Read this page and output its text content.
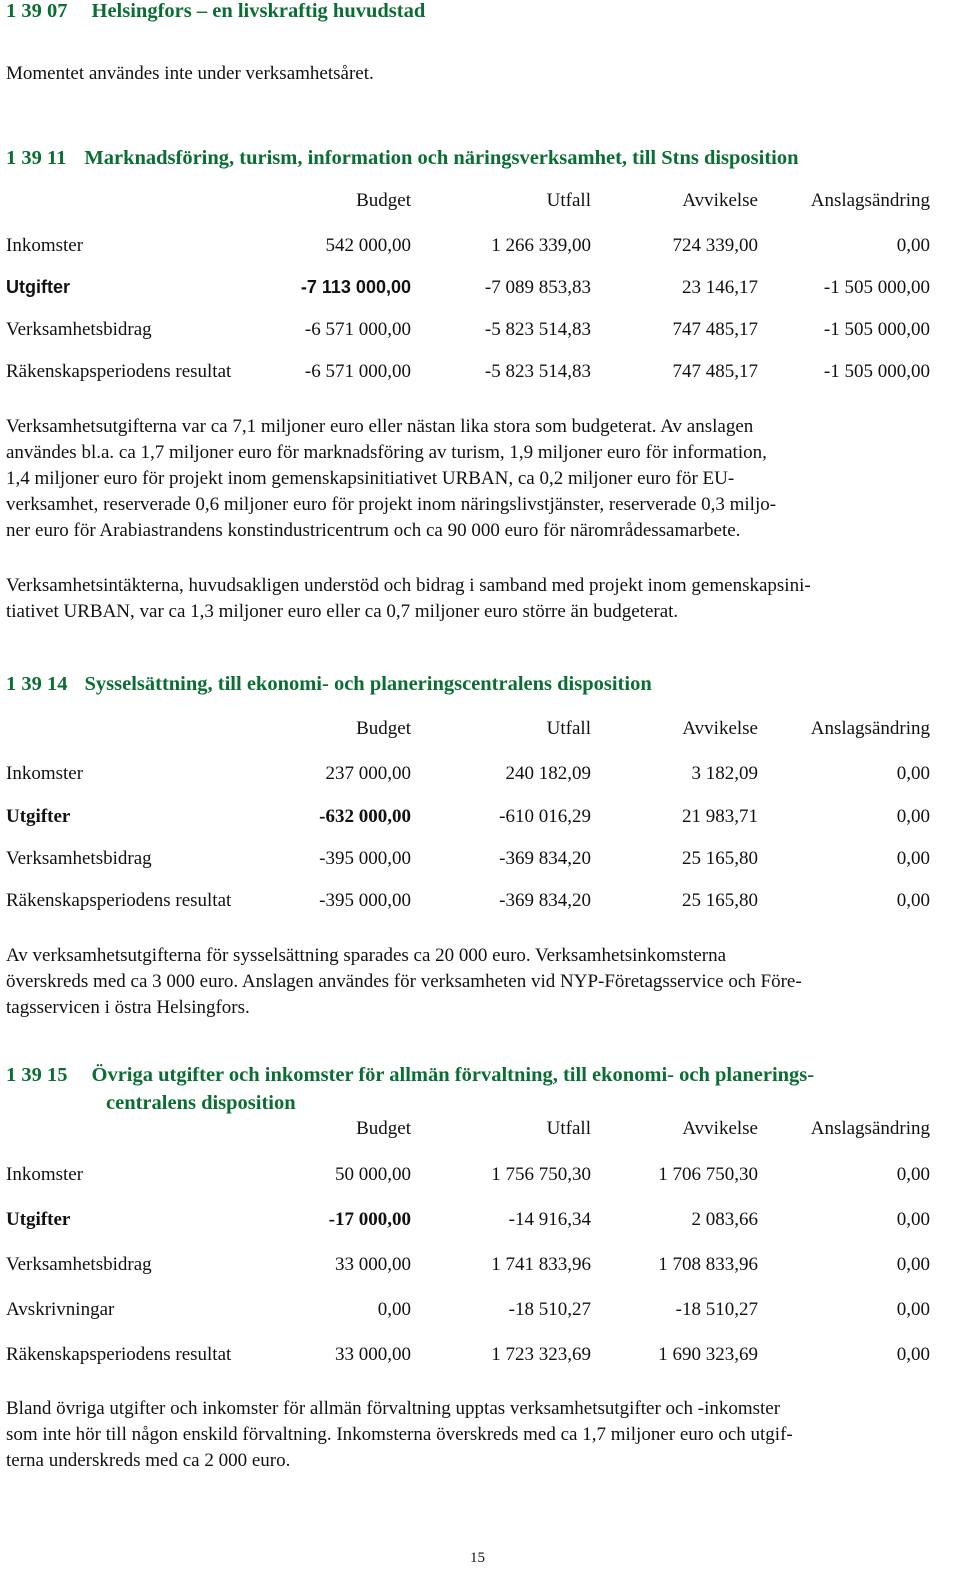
1 39 07 Helsingfors – en livskraftig huvudstad
Momentet användes inte under verksamhetsåret.
1 39 11 Marknadsföring, turism, information och näringsverksamhet, till Stns disposition
Budget	Utfall	Avvikelse	Anslagsändring
Inkomster	542 000,00	1 266 339,00	724 339,00	0,00
Utgifter	-7 113 000,00	-7 089 853,83	23 146,17	-1 505 000,00
Verksamhetsbidrag	-6 571 000,00	-5 823 514,83	747 485,17	-1 505 000,00
Räkenskapsperiodens resultat	-6 571 000,00	-5 823 514,83	747 485,17	-1 505 000,00
Verksamhetsutgifterna var ca 7,1 miljoner euro eller nästan lika stora som budgeterat. Av anslagen
användes bl.a. ca 1,7 miljoner euro för marknadsföring av turism, 1,9 miljoner euro för information,
1,4 miljoner euro för projekt inom gemenskapsinitiativet URBAN, ca 0,2 miljoner euro för EU-
verksamhet, reserverade 0,6 miljoner euro för projekt inom näringslivstjänster, reserverade 0,3 miljo-
ner euro för Arabiastrandens konstindustricentrum och ca 90 000 euro för närområdessamarbete.
Verksamhetsintäkterna, huvudsakligen understöd och bidrag i samband med projekt inom gemenskapsini-
tiativet URBAN, var ca 1,3 miljoner euro eller ca 0,7 miljoner euro större än budgeterat.
1 39 14 Sysselsättning, till ekonomi- och planeringscentralens disposition
Budget	Utfall	Avvikelse	Anslagsändring
Inkomster	237 000,00	240 182,09	3 182,09	0,00
Utgifter	-632 000,00	-610 016,29	21 983,71	0,00
Verksamhetsbidrag	-395 000,00	-369 834,20	25 165,80	0,00
Räkenskapsperiodens resultat	-395 000,00	-369 834,20	25 165,80	0,00
Av verksamhetsutgifterna för sysselsättning sparades ca 20 000 euro. Verksamhetsinkomsterna
överskreds med ca 3 000 euro. Anslagen användes för verksamheten vid NYP-Företagsservice och Före-
tagsservicen i östra Helsingfors.
1 39 15 Övriga utgifter och inkomster för allmän förvaltning, till ekonomi- och planerings-
centralens disposition
Budget	Utfall	Avvikelse	Anslagsändring
Inkomster	50 000,00	1 756 750,30	1 706 750,30	0,00
Utgifter	-17 000,00	-14 916,34	2 083,66	0,00
Verksamhetsbidrag	33 000,00	1 741 833,96	1 708 833,96	0,00
Avskrivningar	0,00	-18 510,27	-18 510,27	0,00
Räkenskapsperiodens resultat	33 000,00	1 723 323,69	1 690 323,69	0,00
Bland övriga utgifter och inkomster för allmän förvaltning upptas verksamhetsutgifter och -inkomster
som inte hör till någon enskild förvaltning. Inkomsterna överskreds med ca 1,7 miljoner euro och utgif-
terna underskreds med ca 2 000 euro.
15
